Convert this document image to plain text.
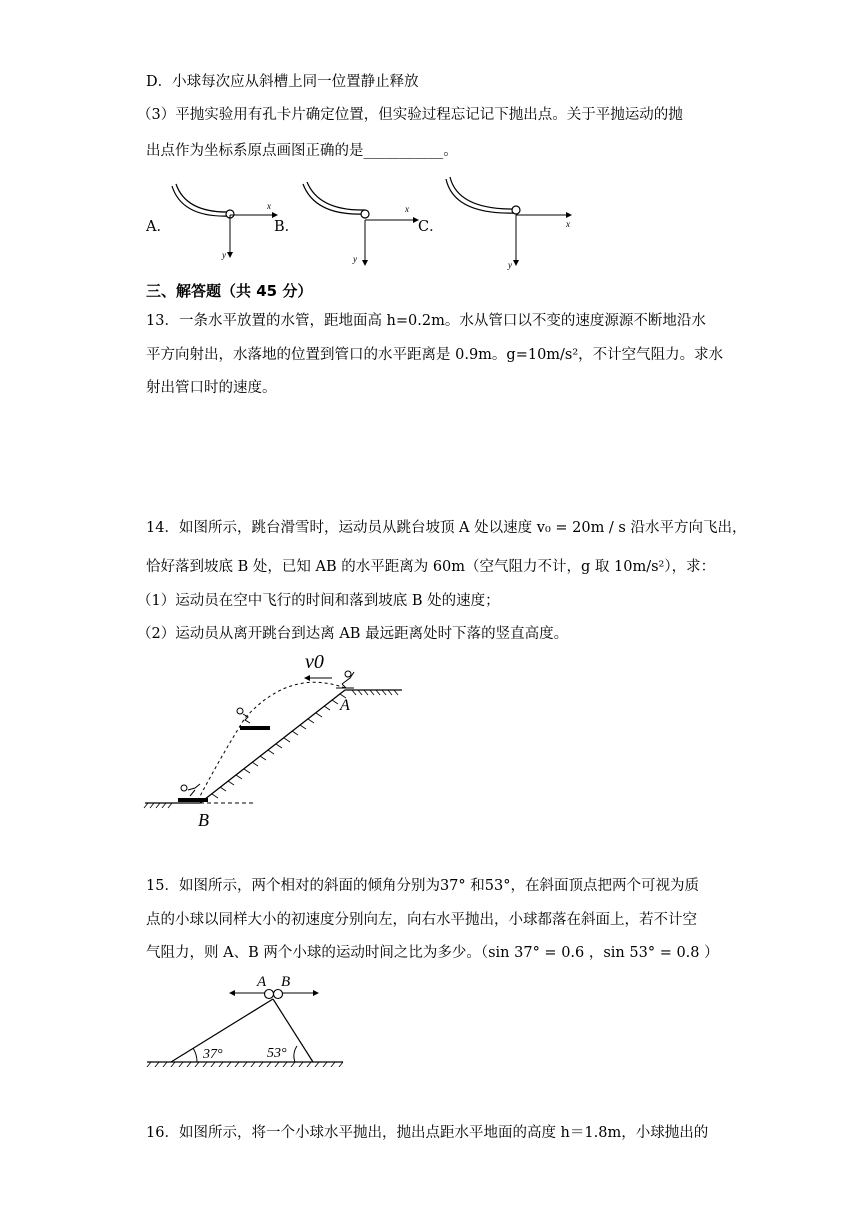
D．小球每次应从斜槽上同一位置静止释放
（3）平抛实验用有孔卡片确定位置，但实验过程忘记记下抛出点。关于平抛运动的抛
出点作为坐标系原点画图正确的是___________。
A．
x
y
B．
x
y
C．	x
y
三、解答题（共 45 分）
13．一条水平放置的水管，距地面高 h=0.2m。水从管口以不变的速度源源不断地沿水
平方向射出，水落地的位置到管口的水平距离是 0.9m。g=10m/s²，不计空气阻力。求水
射出管口时的速度。
14．如图所示，跳台滑雪时，运动员从跳台坡顶 A 处以速度 v₀ = 20m / s 沿水平方向飞出，
恰好落到坡底 B 处，已知 AB 的水平距离为 60m（空气阻力不计，g 取 10m/s²），求：
（1）运动员在空中飞行的时间和落到坡底 B 处的速度；
（2）运动员从离开跳台到达离 AB 最远距离处时下落的竖直高度。
v0
A
B
15．如图所示，两个相对的斜面的倾角分别为37° 和53°，在斜面顶点把两个可视为质
点的小球以同样大小的初速度分别向左，向右水平抛出，小球都落在斜面上，若不计空
气阻力，则 A、B 两个小球的运动时间之比为多少。（sin 37° = 0.6 ，sin 53° = 0.8 ）
A B
37°	53°
16．如图所示，将一个小球水平抛出，抛出点距水平地面的高度 h＝1.8m，小球抛出的
